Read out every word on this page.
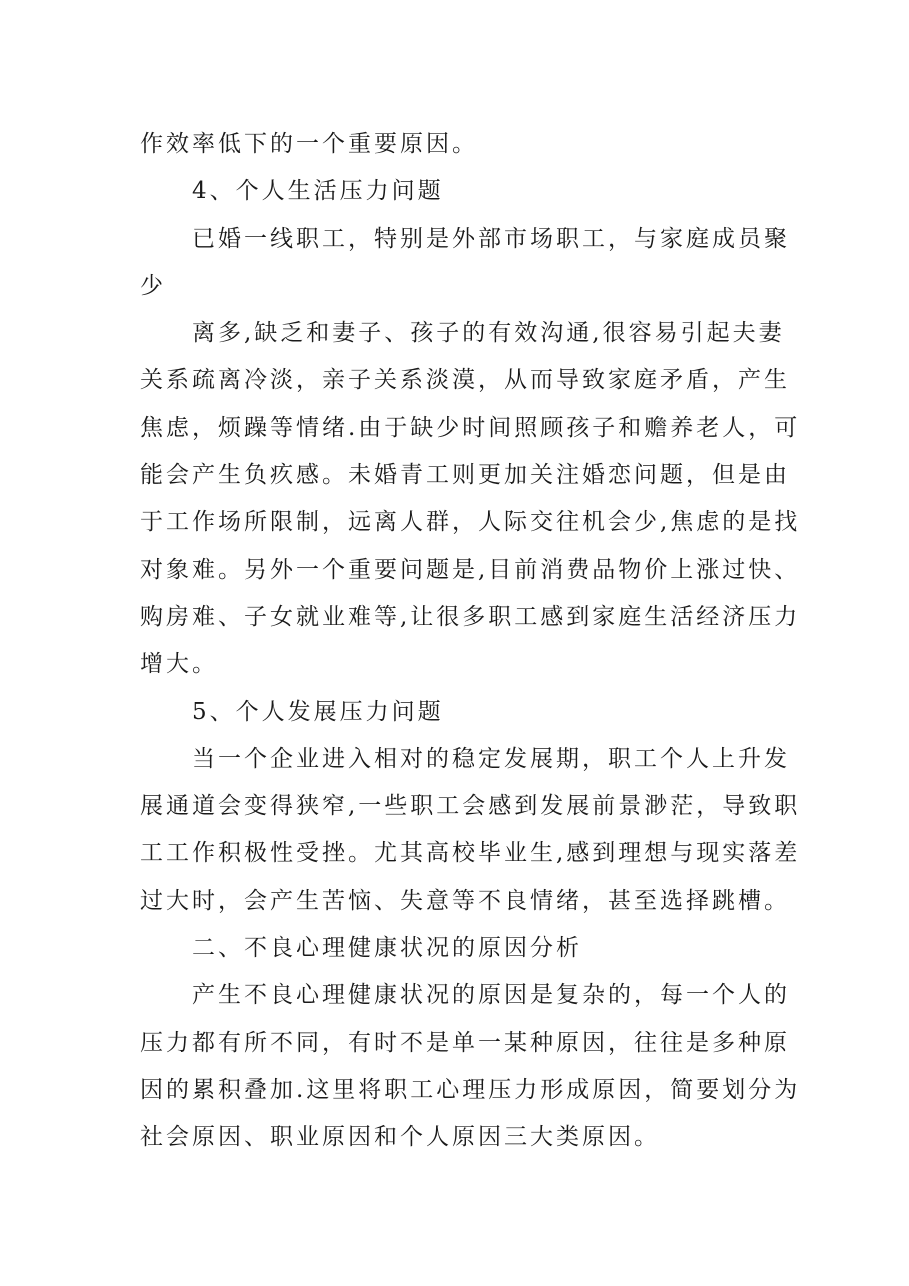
作效率低下的一个重要原因。
4、个人生活压力问题
已婚一线职工，特别是外部市场职工，与家庭成员聚
少
离多,缺乏和妻子、孩子的有效沟通,很容易引起夫妻
关系疏离冷淡，亲子关系淡漠，从而导致家庭矛盾，产生
焦虑，烦躁等情绪.由于缺少时间照顾孩子和赡养老人，可
能会产生负疚感。未婚青工则更加关注婚恋问题，但是由
于工作场所限制，远离人群，人际交往机会少,焦虑的是找
对象难。另外一个重要问题是,目前消费品物价上涨过快、
购房难、子女就业难等,让很多职工感到家庭生活经济压力
增大。
5、个人发展压力问题
当一个企业进入相对的稳定发展期，职工个人上升发
展通道会变得狭窄,一些职工会感到发展前景渺茫，导致职
工工作积极性受挫。尤其高校毕业生,感到理想与现实落差
过大时，会产生苦恼、失意等不良情绪，甚至选择跳槽。
二、不良心理健康状况的原因分析
产生不良心理健康状况的原因是复杂的，每一个人的
压力都有所不同，有时不是单一某种原因，往往是多种原
因的累积叠加.这里将职工心理压力形成原因，简要划分为
社会原因、职业原因和个人原因三大类原因。
